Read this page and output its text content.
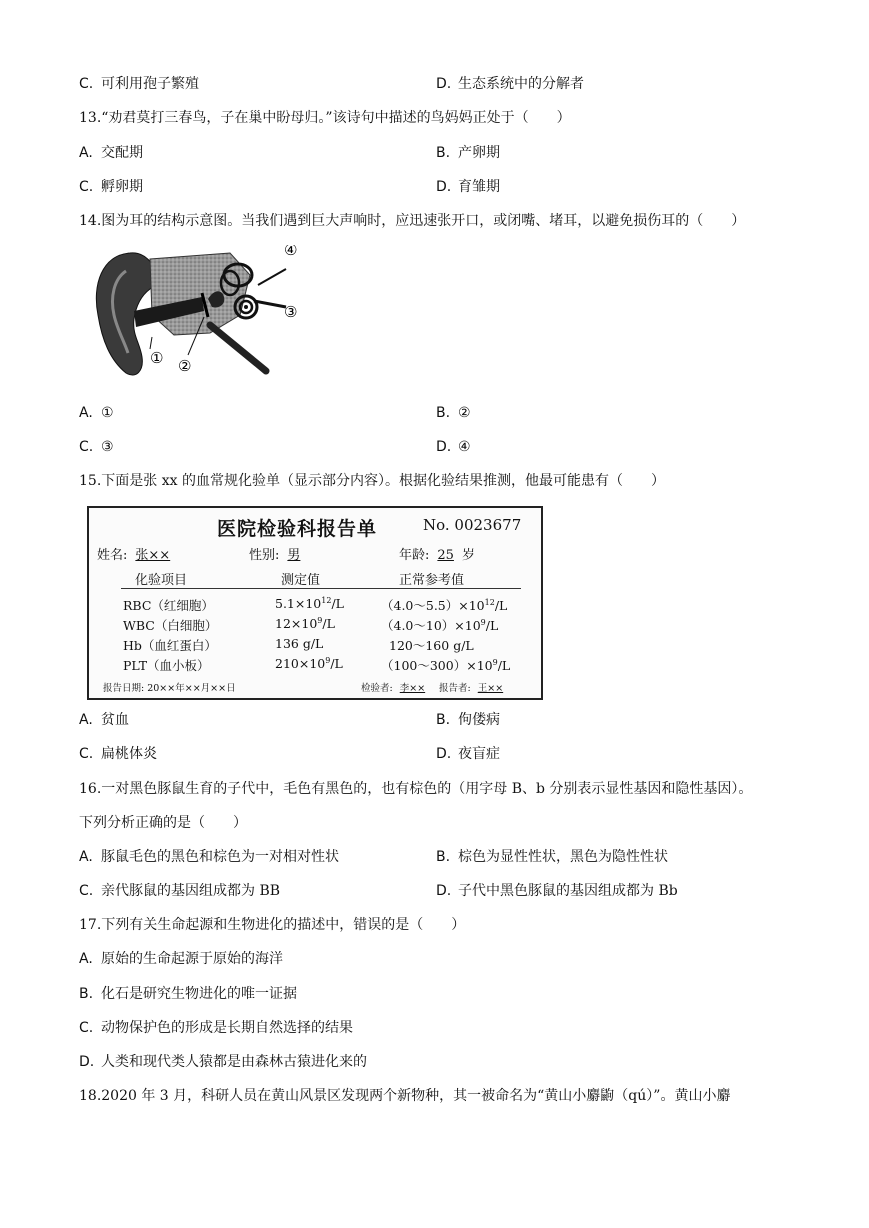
C. 可利用孢子繁殖	D. 生态系统中的分解者
13.“劝君莫打三春鸟，子在巢中盼母归。”该诗句中描述的鸟妈妈正处于（　　）
A. 交配期	B. 产卵期
C. 孵卵期	D. 育雏期
14.图为耳的结构示意图。当我们遇到巨大声响时，应迅速张开口，或闭嘴、堵耳，以避免损伤耳的（　　）
④
③
① ②
A. ①	B. ②
C. ③	D. ④
15.下面是张 xx 的血常规化验单（显示部分内容）。根据化验结果推测，他最可能患有（　　）
医院检验科报告单	No. 0023677
姓名: 张××	性别: 男	年龄: 25 岁
化验项目	测定值	正常参考值
RBC（红细胞）	$5.1\times 10^{12}/L$	$(4.0\sim 5.5)\times 10^{12}/L$
WBC（白细胞）	$12\times 10^9/L$	$(4.0\sim 10)\times 10^9/L$
Hb（血红蛋白）	136 g/L	120～160 g/L
PLT（血小板）	$210\times 10^9/L$	$(100\sim 300)\times 10^9/L$
报告日期: 20××年××月××日	检验者: 李××	报告者: 王××
A. 贫血	B. 佝偻病
C. 扁桃体炎	D. 夜盲症
16.一对黑色豚鼠生育的子代中，毛色有黑色的，也有棕色的（用字母 B、b 分别表示显性基因和隐性基因）。
下列分析正确的是（　　）
A. 豚鼠毛色的黑色和棕色为一对相对性状	B. 棕色为显性性状，黑色为隐性性状
C. 亲代豚鼠的基因组成都为 BB	D. 子代中黑色豚鼠的基因组成都为 Bb
17.下列有关生命起源和生物进化的描述中，错误的是（　　）
A. 原始的生命起源于原始的海洋
B. 化石是研究生物进化的唯一证据
C. 动物保护色的形成是长期自然选择的结果
D. 人类和现代类人猿都是由森林古猿进化来的
18.2020 年 3 月，科研人员在黄山风景区发现两个新物种，其一被命名为“黄山小麝鼩（qú）”。黄山小麝
